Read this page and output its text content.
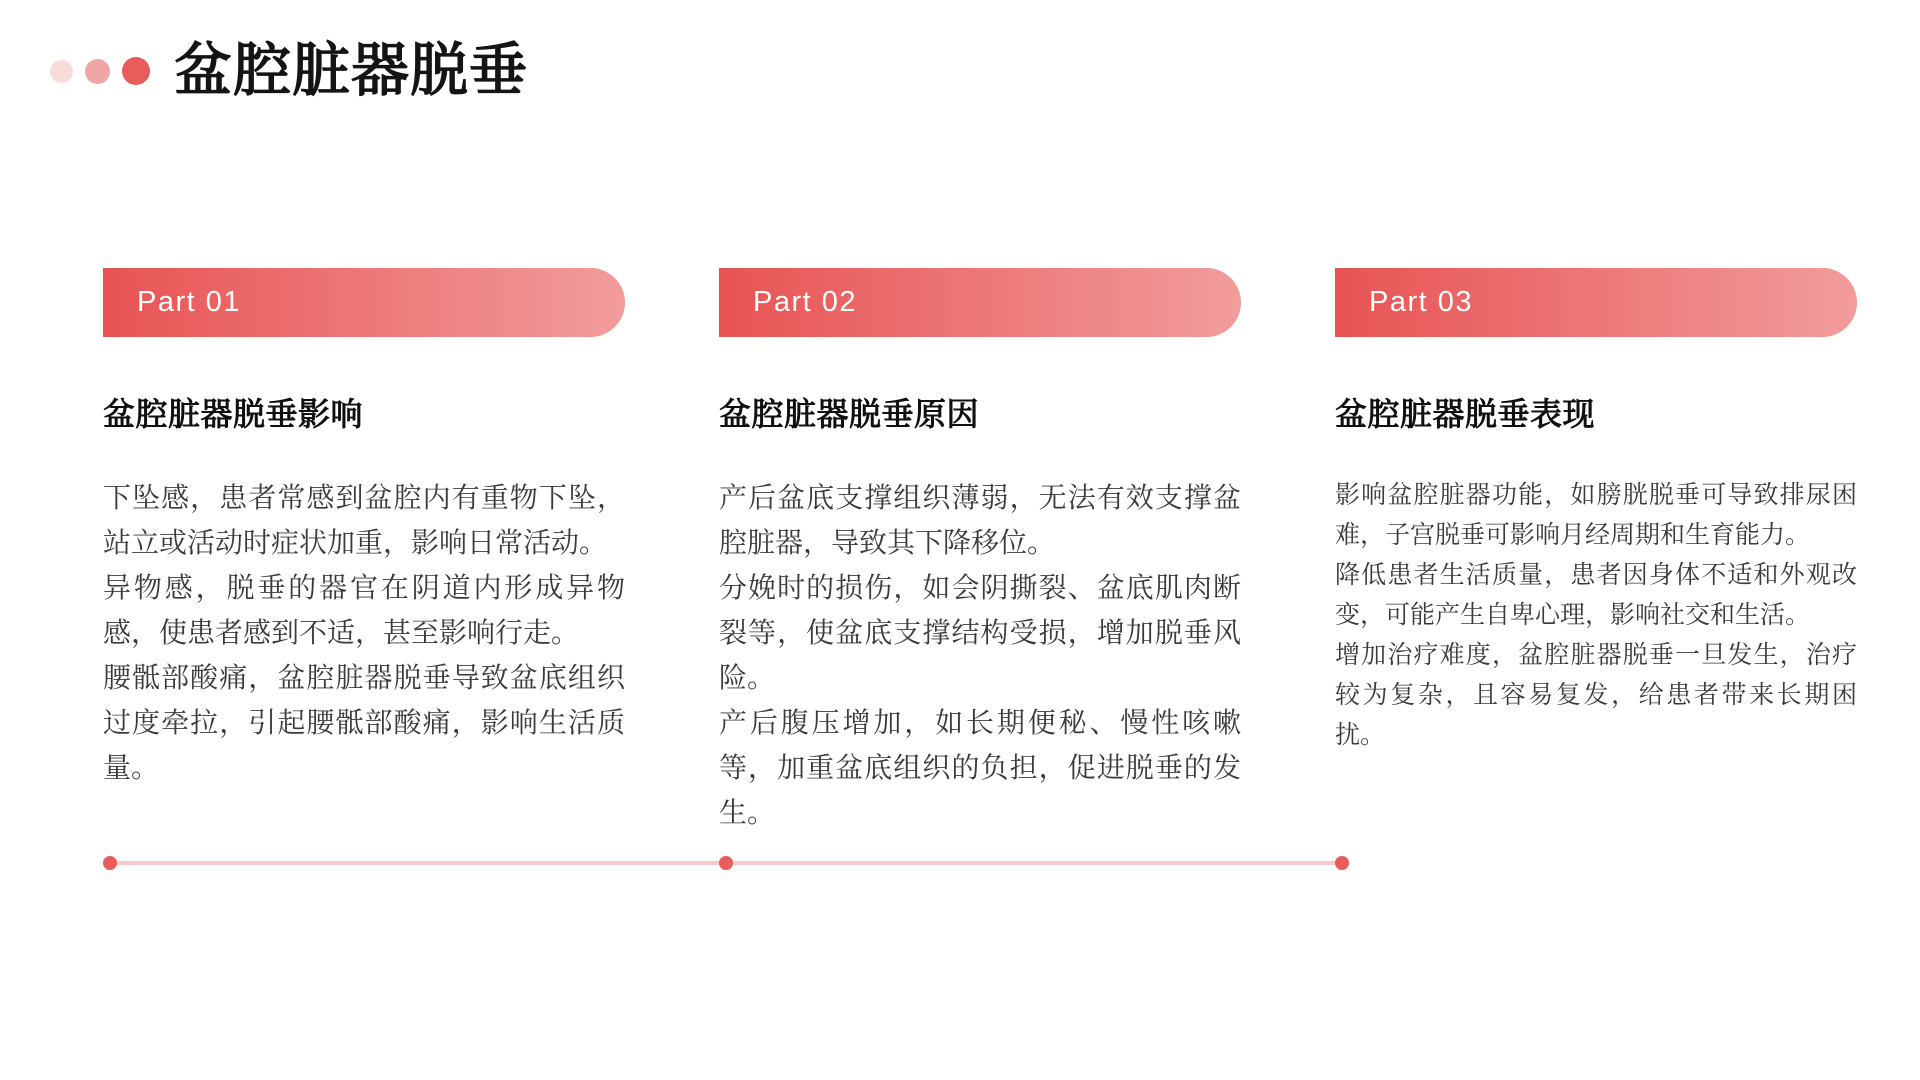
盆腔脏器脱垂
Part 01
盆腔脏器脱垂影响

下坠感，患者常感到盆腔内有重物下坠，站立或活动时症状加重，影响日常活动。

异物感，脱垂的器官在阴道内形成异物感，使患者感到不适，甚至影响行走。

腰骶部酸痛，盆腔脏器脱垂导致盆底组织过度牵拉，引起腰骶部酸痛，影响生活质量。

Part 02
盆腔脏器脱垂原因

产后盆底支撑组织薄弱，无法有效支撑盆腔脏器，导致其下降移位。

分娩时的损伤，如会阴撕裂、盆底肌肉断裂等，使盆底支撑结构受损，增加脱垂风险。

产后腹压增加，如长期便秘、慢性咳嗽等，加重盆底组织的负担，促进脱垂的发生。

Part 03
盆腔脏器脱垂表现

影响盆腔脏器功能，如膀胱脱垂可导致排尿困难，子宫脱垂可影响月经周期和生育能力。

降低患者生活质量，患者因身体不适和外观改变，可能产生自卑心理，影响社交和生活。

增加治疗难度，盆腔脏器脱垂一旦发生，治疗较为复杂，且容易复发，给患者带来长期困扰。
